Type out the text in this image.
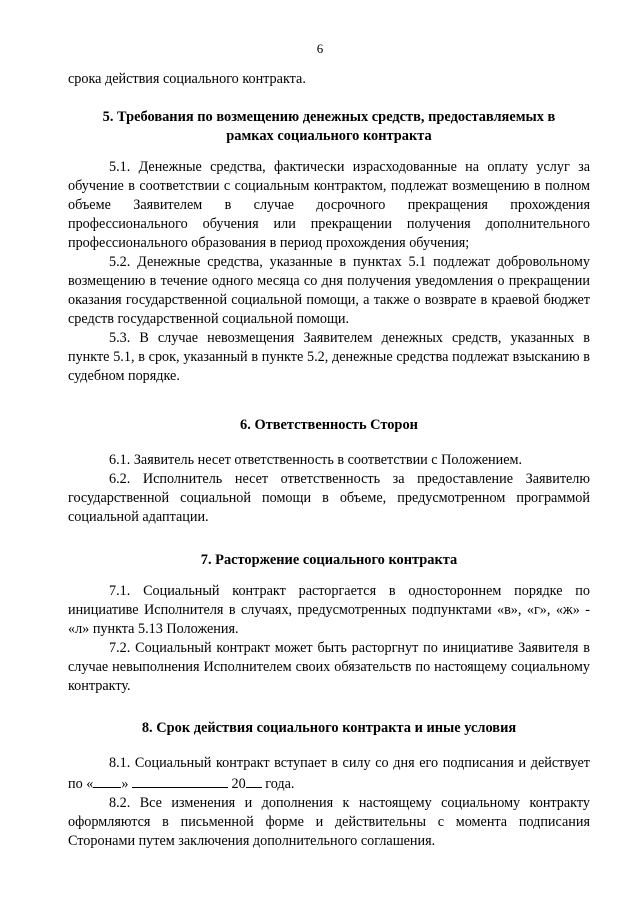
6

срока действия социального контракта.

5. Требования по возмещению денежных средств, предоставляемых в
рамках социального контракта

5.1. Денежные средства, фактически израсходованные на оплату услуг за обучение в соответствии с социальным контрактом, подлежат возмещению в полном объеме Заявителем в случае досрочного прекращения прохождения профессионального обучения или прекращении получения дополнительного профессионального образования в период прохождения обучения;

5.2. Денежные средства, указанные в пунктах 5.1 подлежат добровольному возмещению в течение одного месяца со дня получения уведомления о прекращении оказания государственной социальной помощи, а также о возврате в краевой бюджет средств государственной социальной помощи.

5.3. В случае невозмещения Заявителем денежных средств, указанных в пункте 5.1, в срок, указанный в пункте 5.2, денежные средства подлежат взысканию в судебном порядке.

6. Ответственность Сторон

6.1. Заявитель несет ответственность в соответствии с Положением.

6.2. Исполнитель несет ответственность за предоставление Заявителю государственной социальной помощи в объеме, предусмотренном программой социальной адаптации.

7. Расторжение социального контракта

7.1. Социальный контракт расторгается в одностороннем порядке по инициативе Исполнителя в случаях, предусмотренных подпунктами «в», «г», «ж» - «л» пункта 5.13 Положения.

7.2. Социальный контракт может быть расторгнут по инициативе Заявителя в случае невыполнения Исполнителем своих обязательств по настоящему социальному контракту.

8. Срок действия социального контракта и иные условия

8.1. Социальный контракт вступает в силу со дня его подписания и действует по « »	20 года.

8.2. Все изменения и дополнения к настоящему социальному контракту оформляются в письменной форме и действительны с момента подписания Сторонами путем заключения дополнительного соглашения.
